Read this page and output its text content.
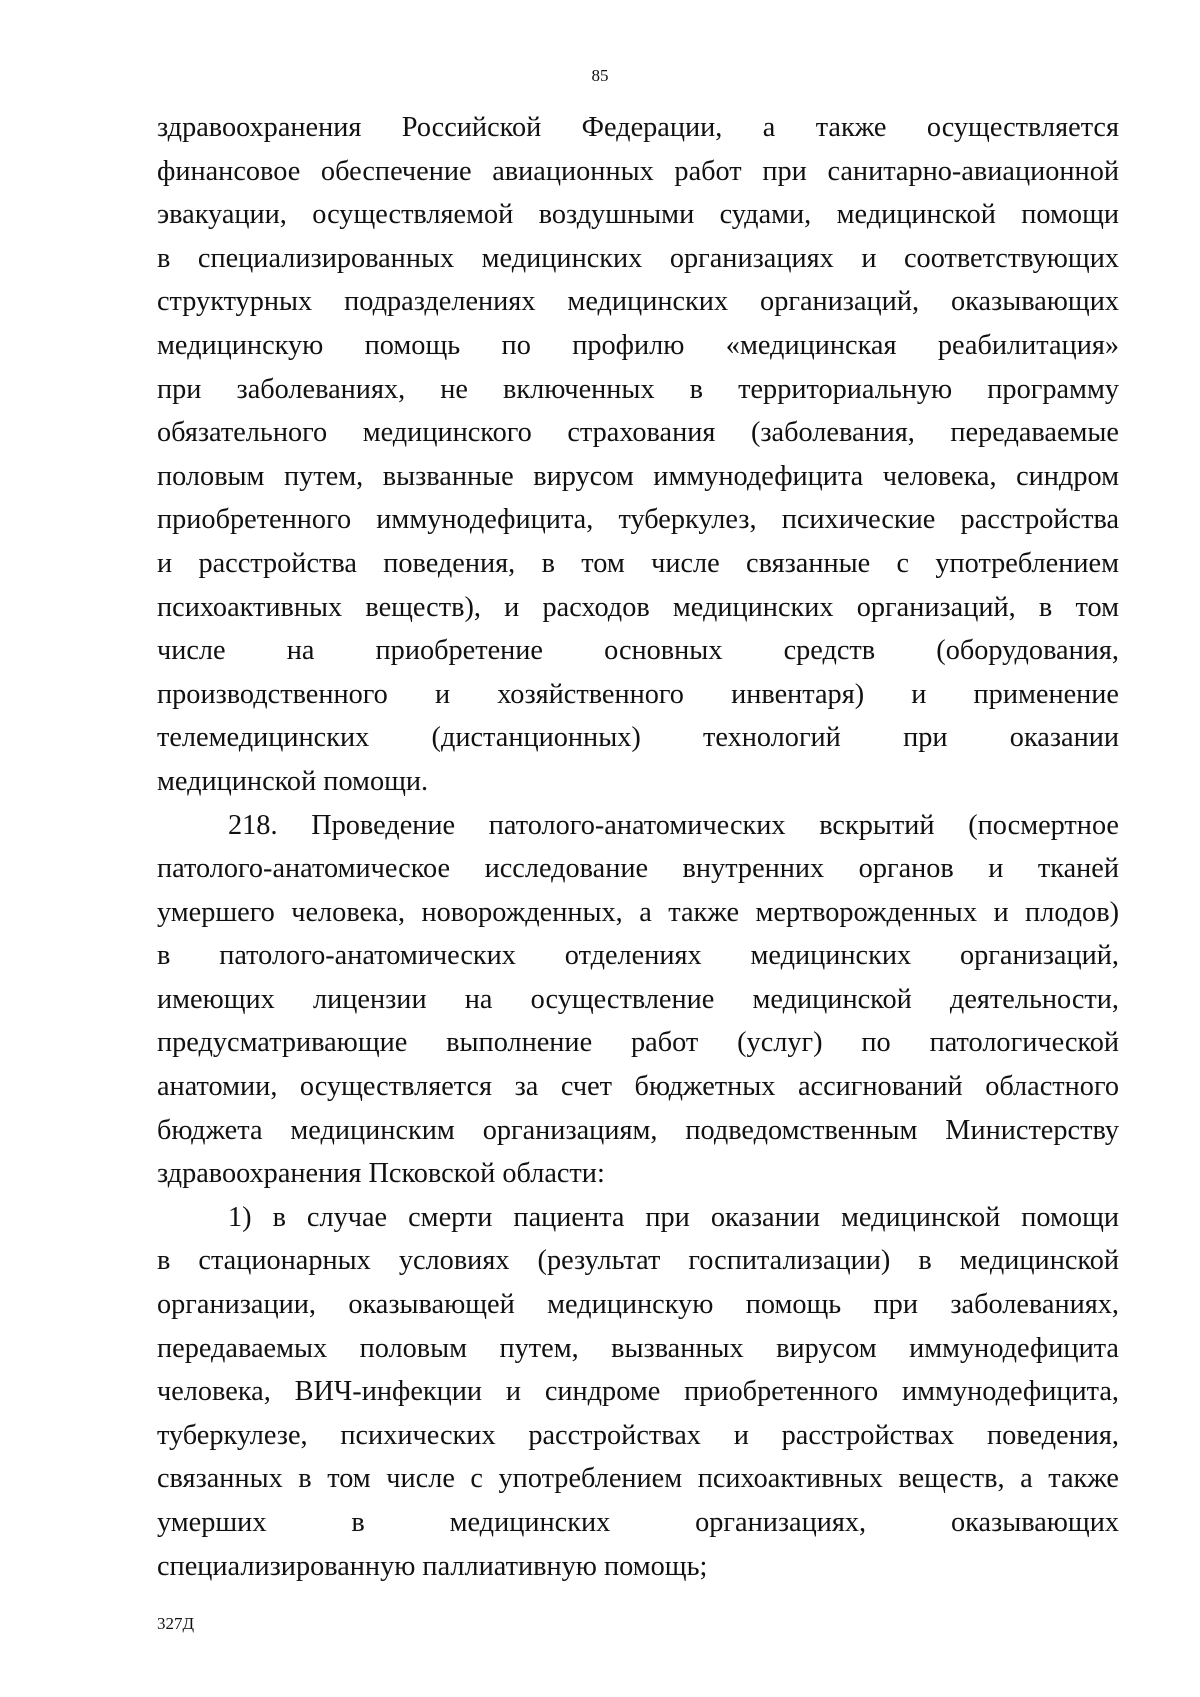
85
здравоохранения Российской Федерации, а также осуществляется
финансовое обеспечение авиационных работ при санитарно-авиационной
эвакуации, осуществляемой воздушными судами, медицинской помощи
в специализированных медицинских организациях и соответствующих
структурных подразделениях медицинских организаций, оказывающих
медицинскую помощь по профилю «медицинская реабилитация»
при заболеваниях, не включенных в территориальную программу
обязательного медицинского страхования (заболевания, передаваемые
половым путем, вызванные вирусом иммунодефицита человека, синдром
приобретенного иммунодефицита, туберкулез, психические расстройства
и расстройства поведения, в том числе связанные с употреблением
психоактивных веществ), и расходов медицинских организаций, в том
числе на приобретение основных средств (оборудования,
производственного и хозяйственного инвентаря) и применение
телемедицинских (дистанционных) технологий при оказании
медицинской помощи.
218. Проведение патолого-анатомических вскрытий (посмертное
патолого-анатомическое исследование внутренних органов и тканей
умершего человека, новорожденных, а также мертворожденных и плодов)
в патолого-анатомических отделениях медицинских организаций,
имеющих лицензии на осуществление медицинской деятельности,
предусматривающие выполнение работ (услуг) по патологической
анатомии, осуществляется за счет бюджетных ассигнований областного
бюджета медицинским организациям, подведомственным Министерству
здравоохранения Псковской области:
1) в случае смерти пациента при оказании медицинской помощи
в стационарных условиях (результат госпитализации) в медицинской
организации, оказывающей медицинскую помощь при заболеваниях,
передаваемых половым путем, вызванных вирусом иммунодефицита
человека, ВИЧ-инфекции и синдроме приобретенного иммунодефицита,
туберкулезе, психических расстройствах и расстройствах поведения,
связанных в том числе с употреблением психоактивных веществ, а также
умерших в медицинских организациях, оказывающих
специализированную паллиативную помощь;
327Д
